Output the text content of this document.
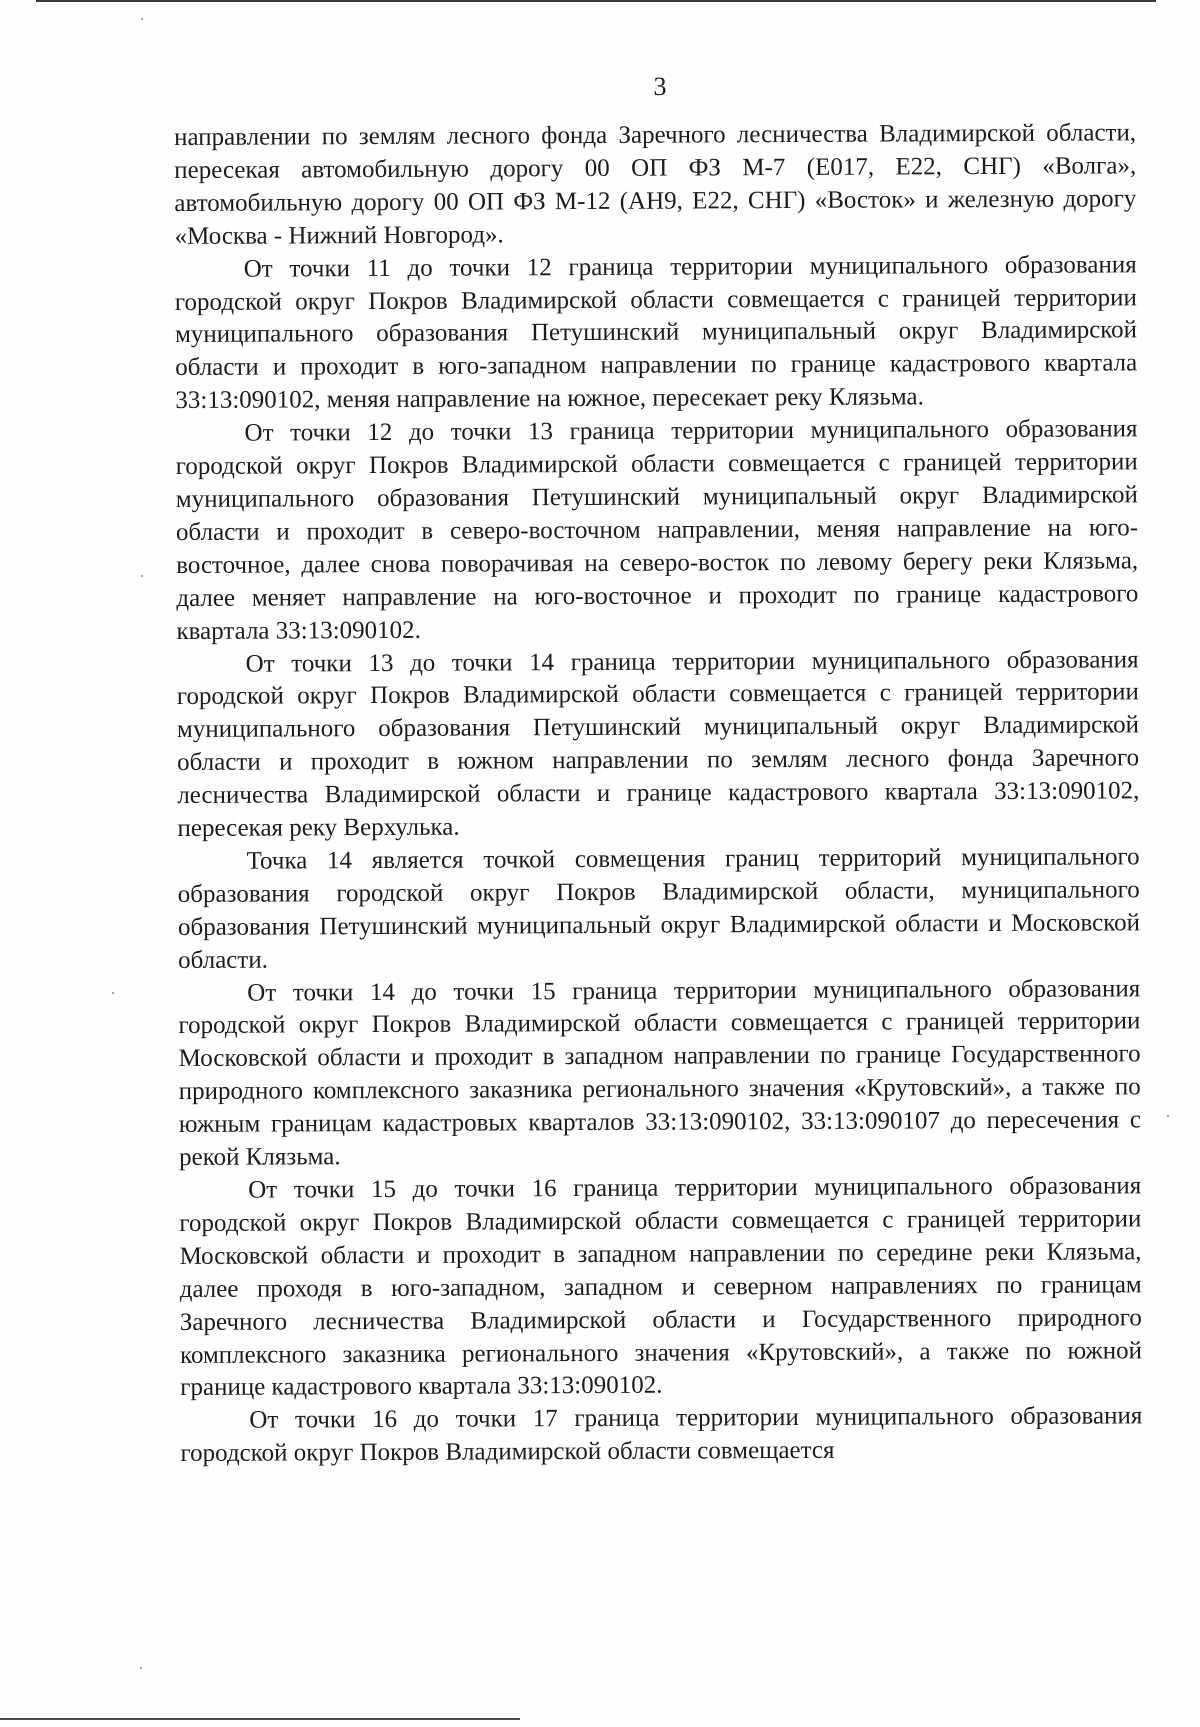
3

направлении по землям лесного фонда Заречного лесничества Владимирской области, пересекая автомобильную дорогу 00 ОП ФЗ М-7 (Е017, Е22, СНГ) «Волга», автомобильную дорогу 00 ОП ФЗ М-12 (АН9, Е22, СНГ) «Восток» и железную дорогу «Москва - Нижний Новгород».

От точки 11 до точки 12 граница территории муниципального образования городской округ Покров Владимирской области совмещается с границей территории муниципального образования Петушинский муниципальный округ Владимирской области и проходит в юго-западном направлении по границе кадастрового квартала 33:13:090102, меняя направление на южное, пересекает реку Клязьма.

От точки 12 до точки 13 граница территории муниципального образования городской округ Покров Владимирской области совмещается с границей территории муниципального образования Петушинский муниципальный округ Владимирской области и проходит в северо-восточном направлении, меняя направление на юго-восточное, далее снова поворачивая на северо-восток по левому берегу реки Клязьма, далее меняет направление на юго-восточное и проходит по границе кадастрового квартала 33:13:090102.

От точки 13 до точки 14 граница территории муниципального образования городской округ Покров Владимирской области совмещается с границей территории муниципального образования Петушинский муниципальный округ Владимирской области и проходит в южном направлении по землям лесного фонда Заречного лесничества Владимирской области и границе кадастрового квартала 33:13:090102, пересекая реку Верхулька.

Точка 14 является точкой совмещения границ территорий муниципального образования городской округ Покров Владимирской области, муниципального образования Петушинский муниципальный округ Владимирской области и Московской области.

От точки 14 до точки 15 граница территории муниципального образования городской округ Покров Владимирской области совмещается с границей территории Московской области и проходит в западном направлении по границе Государственного природного комплексного заказника регионального значения «Крутовский», а также по южным границам кадастровых кварталов 33:13:090102, 33:13:090107 до пересечения с рекой Клязьма.

От точки 15 до точки 16 граница территории муниципального образования городской округ Покров Владимирской области совмещается с границей территории Московской области и проходит в западном направлении по середине реки Клязьма, далее проходя в юго-западном, западном и северном направлениях по границам Заречного лесничества Владимирской области и Государственного природного комплексного заказника регионального значения «Крутовский», а также по южной границе кадастрового квартала 33:13:090102.

От точки 16 до точки 17 граница территории муниципального образования городской округ Покров Владимирской области совмещается
